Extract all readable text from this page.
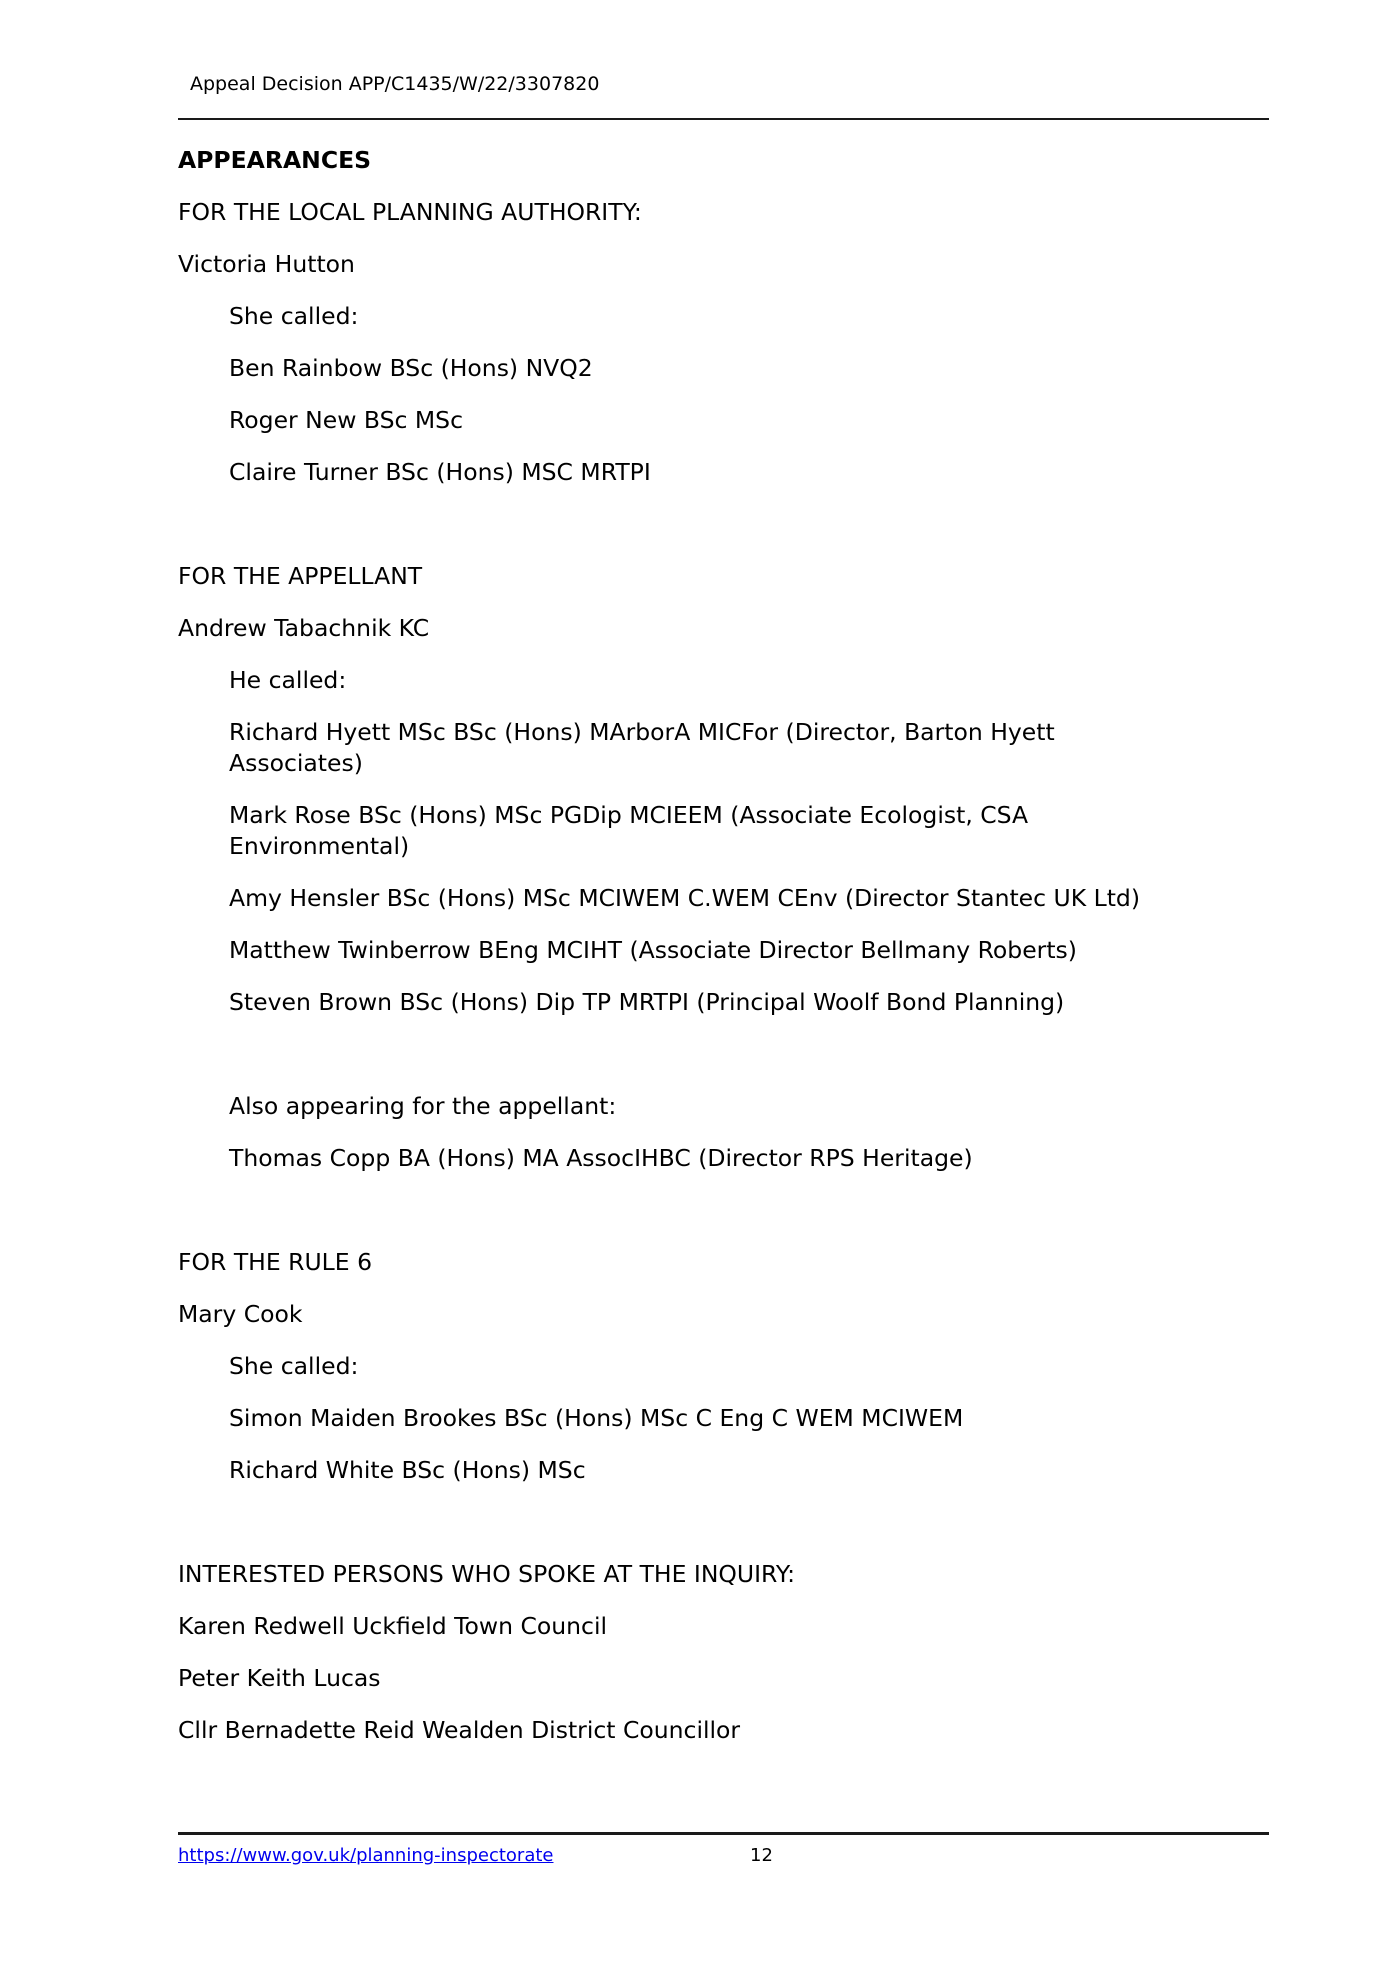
Appeal Decision APP/C1435/W/22/3307820
APPEARANCES
FOR THE LOCAL PLANNING AUTHORITY:
Victoria Hutton
She called:
Ben Rainbow BSc (Hons) NVQ2
Roger New BSc MSc
Claire Turner BSc (Hons) MSC MRTPI
FOR THE APPELLANT
Andrew Tabachnik KC
He called:
Richard Hyett MSc BSc (Hons) MArborA MICFor (Director, Barton Hyett
Associates)
Mark Rose BSc (Hons) MSc PGDip MCIEEM (Associate Ecologist, CSA
Environmental)
Amy Hensler BSc (Hons) MSc MCIWEM C.WEM CEnv (Director Stantec UK Ltd)
Matthew Twinberrow BEng MCIHT (Associate Director Bellmany Roberts)
Steven Brown BSc (Hons) Dip TP MRTPI (Principal Woolf Bond Planning)
Also appearing for the appellant:
Thomas Copp BA (Hons) MA AssocIHBC (Director RPS Heritage)
FOR THE RULE 6
Mary Cook
She called:
Simon Maiden Brookes BSc (Hons) MSc C Eng C WEM MCIWEM
Richard White BSc (Hons) MSc
INTERESTED PERSONS WHO SPOKE AT THE INQUIRY:
Karen Redwell Uckfield Town Council
Peter Keith Lucas
Cllr Bernadette Reid Wealden District Councillor
https://www.gov.uk/planning-inspectorate	12
